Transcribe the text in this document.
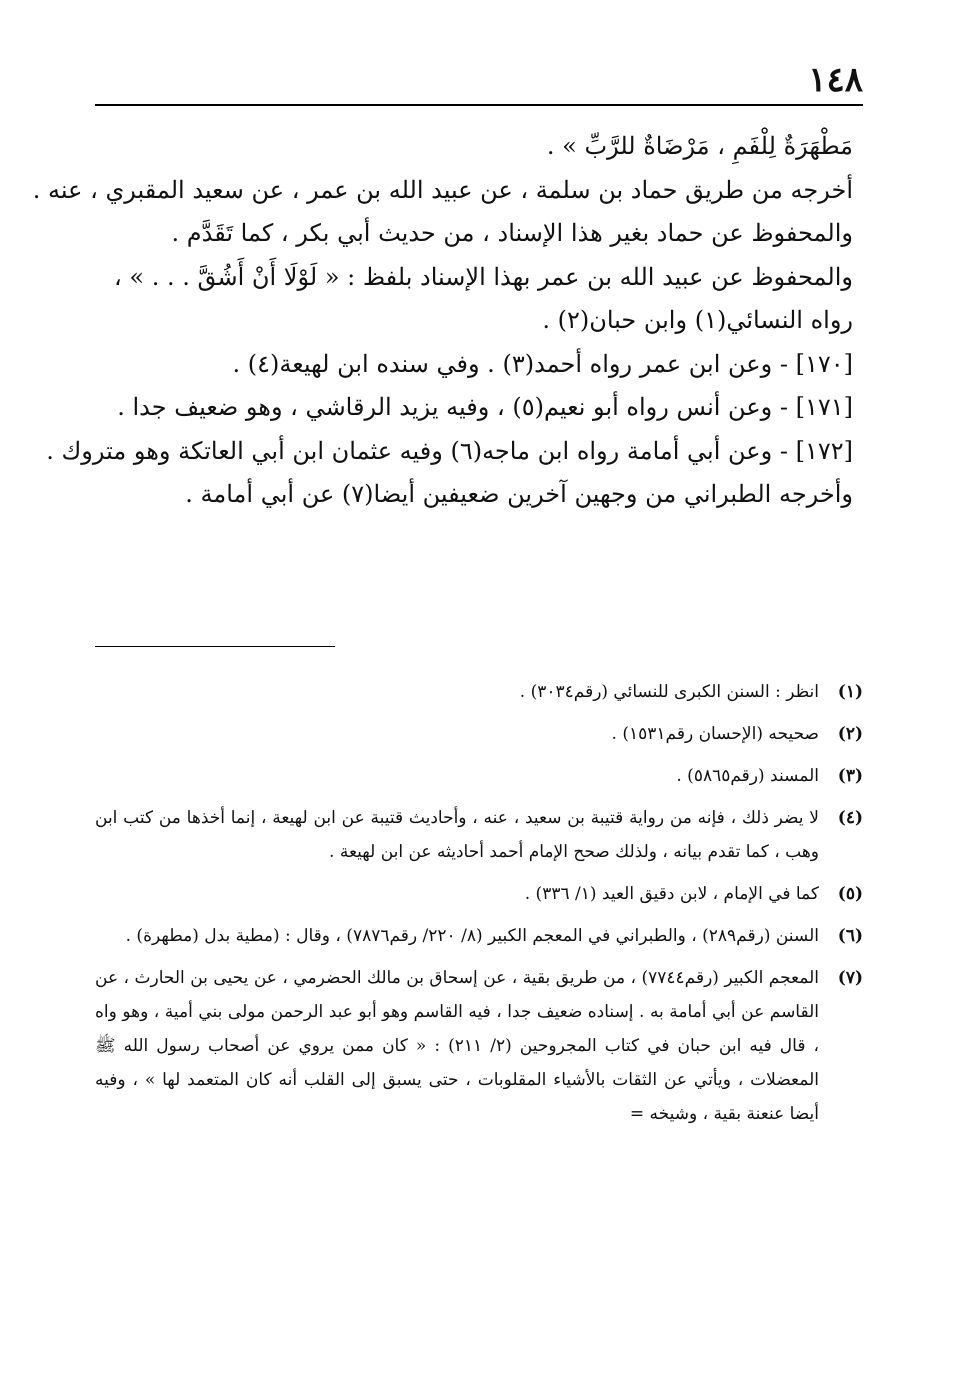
١٤٨
مَطْهَرَةٌ لِلْفَمِ ، مَرْضَاةٌ للرَّبِّ » .
أخرجه من طريق حماد بن سلمة ، عن عبيد الله بن عمر ، عن سعيد المقبري ، عنه .
والمحفوظ عن حماد بغير هذا الإسناد ، من حديث أبي بكر ، كما تَقَدَّم .
والمحفوظ عن عبيد الله بن عمر بهذا الإسناد بلفظ : « لَوْلَا أَنْ أَشُقَّ . . . » ،
رواه النسائي(١) وابن حبان(٢) .
[١٧٠] - وعن ابن عمر رواه أحمد(٣) . وفي سنده ابن لهيعة(٤) .
[١٧١] - وعن أنس رواه أبو نعيم(٥) ، وفيه يزيد الرقاشي ، وهو ضعيف جدا .
[١٧٢] - وعن أبي أمامة رواه ابن ماجه(٦) وفيه عثمان ابن أبي العاتكة وهو متروك .
وأخرجه الطبراني من وجهين آخرين ضعيفين أيضا(٧) عن أبي أمامة .
(١)
انظر : السنن الكبرى للنسائي (رقم٣٠٣٤) .
(٢)
صحيحه (الإحسان رقم١٥٣١) .
(٣)
المسند (رقم٥٨٦٥) .
(٤)
لا يضر ذلك ، فإنه من رواية قتيبة بن سعيد ، عنه ، وأحاديث قتيبة عن ابن لهيعة ، إنما أخذها من كتب ابن وهب ، كما تقدم بيانه ، ولذلك صحح الإمام أحمد أحاديثه عن ابن لهيعة .
(٥)
كما في الإمام ، لابن دقيق العيد (١/ ٣٣٦) .
(٦)
السنن (رقم٢٨٩) ، والطبراني في المعجم الكبير (٨/ ٢٢٠/ رقم٧٨٧٦) ، وقال : (مطية بدل (مطهرة) .
(٧)
المعجم الكبير (رقم٧٧٤٤) ، من طريق بقية ، عن إسحاق بن مالك الحضرمي ، عن يحيى بن الحارث ، عن القاسم عن أبي أمامة به . إسناده ضعيف جدا ، فيه القاسم وهو أبو عبد الرحمن مولى بني أمية ، وهو واه ، قال فيه ابن حبان في كتاب المجروحين (٢/ ٢١١) : « كان ممن يروي عن أصحاب رسول الله ﷺ المعضلات ، ويأتي عن الثقات بالأشياء المقلوبات ، حتى يسبق إلى القلب أنه كان المتعمد لها » ، وفيه أيضا عنعنة بقية ، وشيخه =
